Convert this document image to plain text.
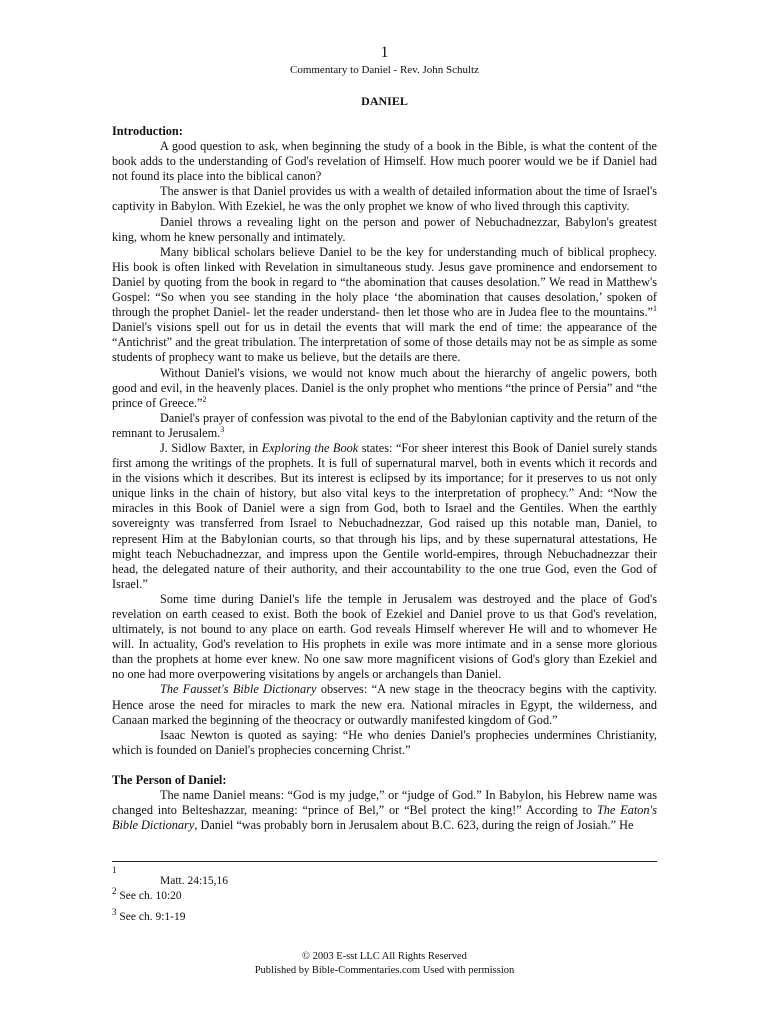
1
Commentary to Daniel - Rev. John Schultz
DANIEL

Introduction:

A good question to ask, when beginning the study of a book in the Bible, is what the content of the book adds to the understanding of God's revelation of Himself. How much poorer would we be if Daniel had not found its place into the biblical canon?

The answer is that Daniel provides us with a wealth of detailed information about the time of Israel's captivity in Babylon. With Ezekiel, he was the only prophet we know of who lived through this captivity.

Daniel throws a revealing light on the person and power of Nebuchadnezzar, Babylon's greatest king, whom he knew personally and intimately.

Many biblical scholars believe Daniel to be the key for understanding much of biblical prophecy. His book is often linked with Revelation in simultaneous study. Jesus gave prominence and endorsement to Daniel by quoting from the book in regard to “the abomination that causes desolation.” We read in Matthew's Gospel: “So when you see standing in the holy place ‘the abomination that causes desolation,’ spoken of through the prophet Daniel- let the reader understand- then let those who are in Judea flee to the mountains.”$^1$ Daniel's visions spell out for us in detail the events that will mark the end of time: the appearance of the “Antichrist” and the great tribulation. The interpretation of some of those details may not be as simple as some students of prophecy want to make us believe, but the details are there.

Without Daniel's visions, we would not know much about the hierarchy of angelic powers, both good and evil, in the heavenly places. Daniel is the only prophet who mentions “the prince of Persia” and “the prince of Greece.”$^2$

Daniel's prayer of confession was pivotal to the end of the Babylonian captivity and the return of the remnant to Jerusalem.$^3$

J. Sidlow Baxter, in Exploring the Book states: “For sheer interest this Book of Daniel surely stands first among the writings of the prophets. It is full of supernatural marvel, both in events which it records and in the visions which it describes. But its interest is eclipsed by its importance; for it preserves to us not only unique links in the chain of history, but also vital keys to the interpretation of prophecy.” And: “Now the miracles in this Book of Daniel were a sign from God, both to Israel and the Gentiles. When the earthly sovereignty was transferred from Israel to Nebuchadnezzar, God raised up this notable man, Daniel, to represent Him at the Babylonian courts, so that through his lips, and by these supernatural attestations, He might teach Nebuchadnezzar, and impress upon the Gentile world-empires, through Nebuchadnezzar their head, the delegated nature of their authority, and their accountability to the one true God, even the God of Israel.”

Some time during Daniel's life the temple in Jerusalem was destroyed and the place of God's revelation on earth ceased to exist. Both the book of Ezekiel and Daniel prove to us that God's revelation, ultimately, is not bound to any place on earth. God reveals Himself wherever He will and to whomever He will. In actuality, God's revelation to His prophets in exile was more intimate and in a sense more glorious than the prophets at home ever knew. No one saw more magnificent visions of God's glory than Ezekiel and no one had more overpowering visitations by angels or archangels than Daniel.

The Fausset's Bible Dictionary observes: “A new stage in the theocracy begins with the captivity. Hence arose the need for miracles to mark the new era. National miracles in Egypt, the wilderness, and Canaan marked the beginning of the theocracy or outwardly manifested kingdom of God.”

Isaac Newton is quoted as saying: “He who denies Daniel's prophecies undermines Christianity, which is founded on Daniel's prophecies concerning Christ.”

The Person of Daniel:

The name Daniel means: “God is my judge,” or “judge of God.” In Babylon, his Hebrew name was changed into Belteshazzar, meaning: “prince of Bel,” or “Bel protect the king!” According to The Eaton's Bible Dictionary, Daniel “was probably born in Jerusalem about B.C. 623, during the reign of Josiah.” He

$^1$
Matt. 24:15,16
$^2$ See ch. 10:20
$^3$ See ch. 9:1-19
© 2003 E-sst LLC All Rights Reserved
Published by Bible-Commentaries.com Used with permission
